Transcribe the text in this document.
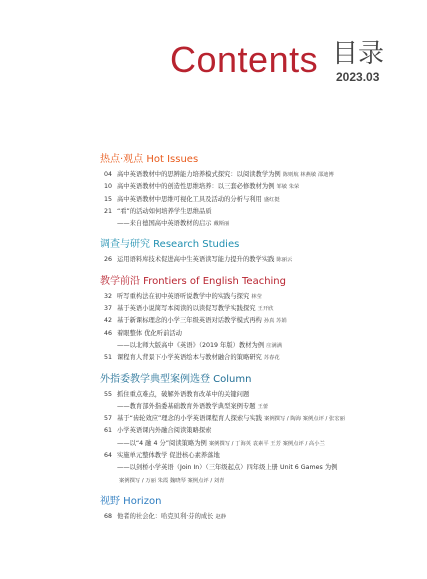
Contents 目录
2023.03
热点·观点 Hot Issues
04 高中英语教材中的思辨能力培养模式探究：以阅读教学为例 陈则航 林燕敏 邵迪博
10 高中英语教材中的创造性思维培养：以三套必修教材为例 邹敏 朱荣
15 高中英语教材中思维可视化工具及活动的分析与利用 盛红挺
21 “看”的活动如何培养学生思维品质
——来自德国高中英语教材的启示 戴斯丽
调查与研究 Research Studies
26 运用语料库技术促进高中生英语读写能力提升的教学实践 陈丽云
教学前沿 Frontiers of English Teaching
32 听写重构法在初中英语听说教学中的实践与探究 林莹
37 基于英语小说简写本阅读的以读促写教学实践探究 王开欣
42 基于新课标理念的小学三年级英语对话教学模式再构 孙真 苏娟
46 着眼整体 优化听前活动
——以北师大版高中《英语》（2019 年版）教材为例 庄满满
51 课程育人背景下小学英语绘本与教材融合的策略研究 苏春花
外指委教学典型案例选登 Column
55 抓住重点难点，破解外语教育改革中的关键问题
——教育部外指委基础教育外语教学典型案例专题 王蕾
57 基于“齿轮效应”理念的小学英语课程育人探索与实践 案例撰写 / 陶海 案例点评 / 张宏丽
61 小学英语课内外融合阅读策略探索
——以“4 融 4 分”阅读策略为例 案例撰写 / 丁海英 袁素平 王芳 案例点评 / 高小兰
64 实施单元整体教学 促进核心素养落地
——以剑桥小学英语（Join In）（三年级起点）四年级上册 Unit 6 Games 为例
案例撰写 / 万丽 朱霞 魏晓琴 案例点评 / 刘青
视野 Horizon
68 他者的社会化：哈克贝利·芬的成长 赵静
